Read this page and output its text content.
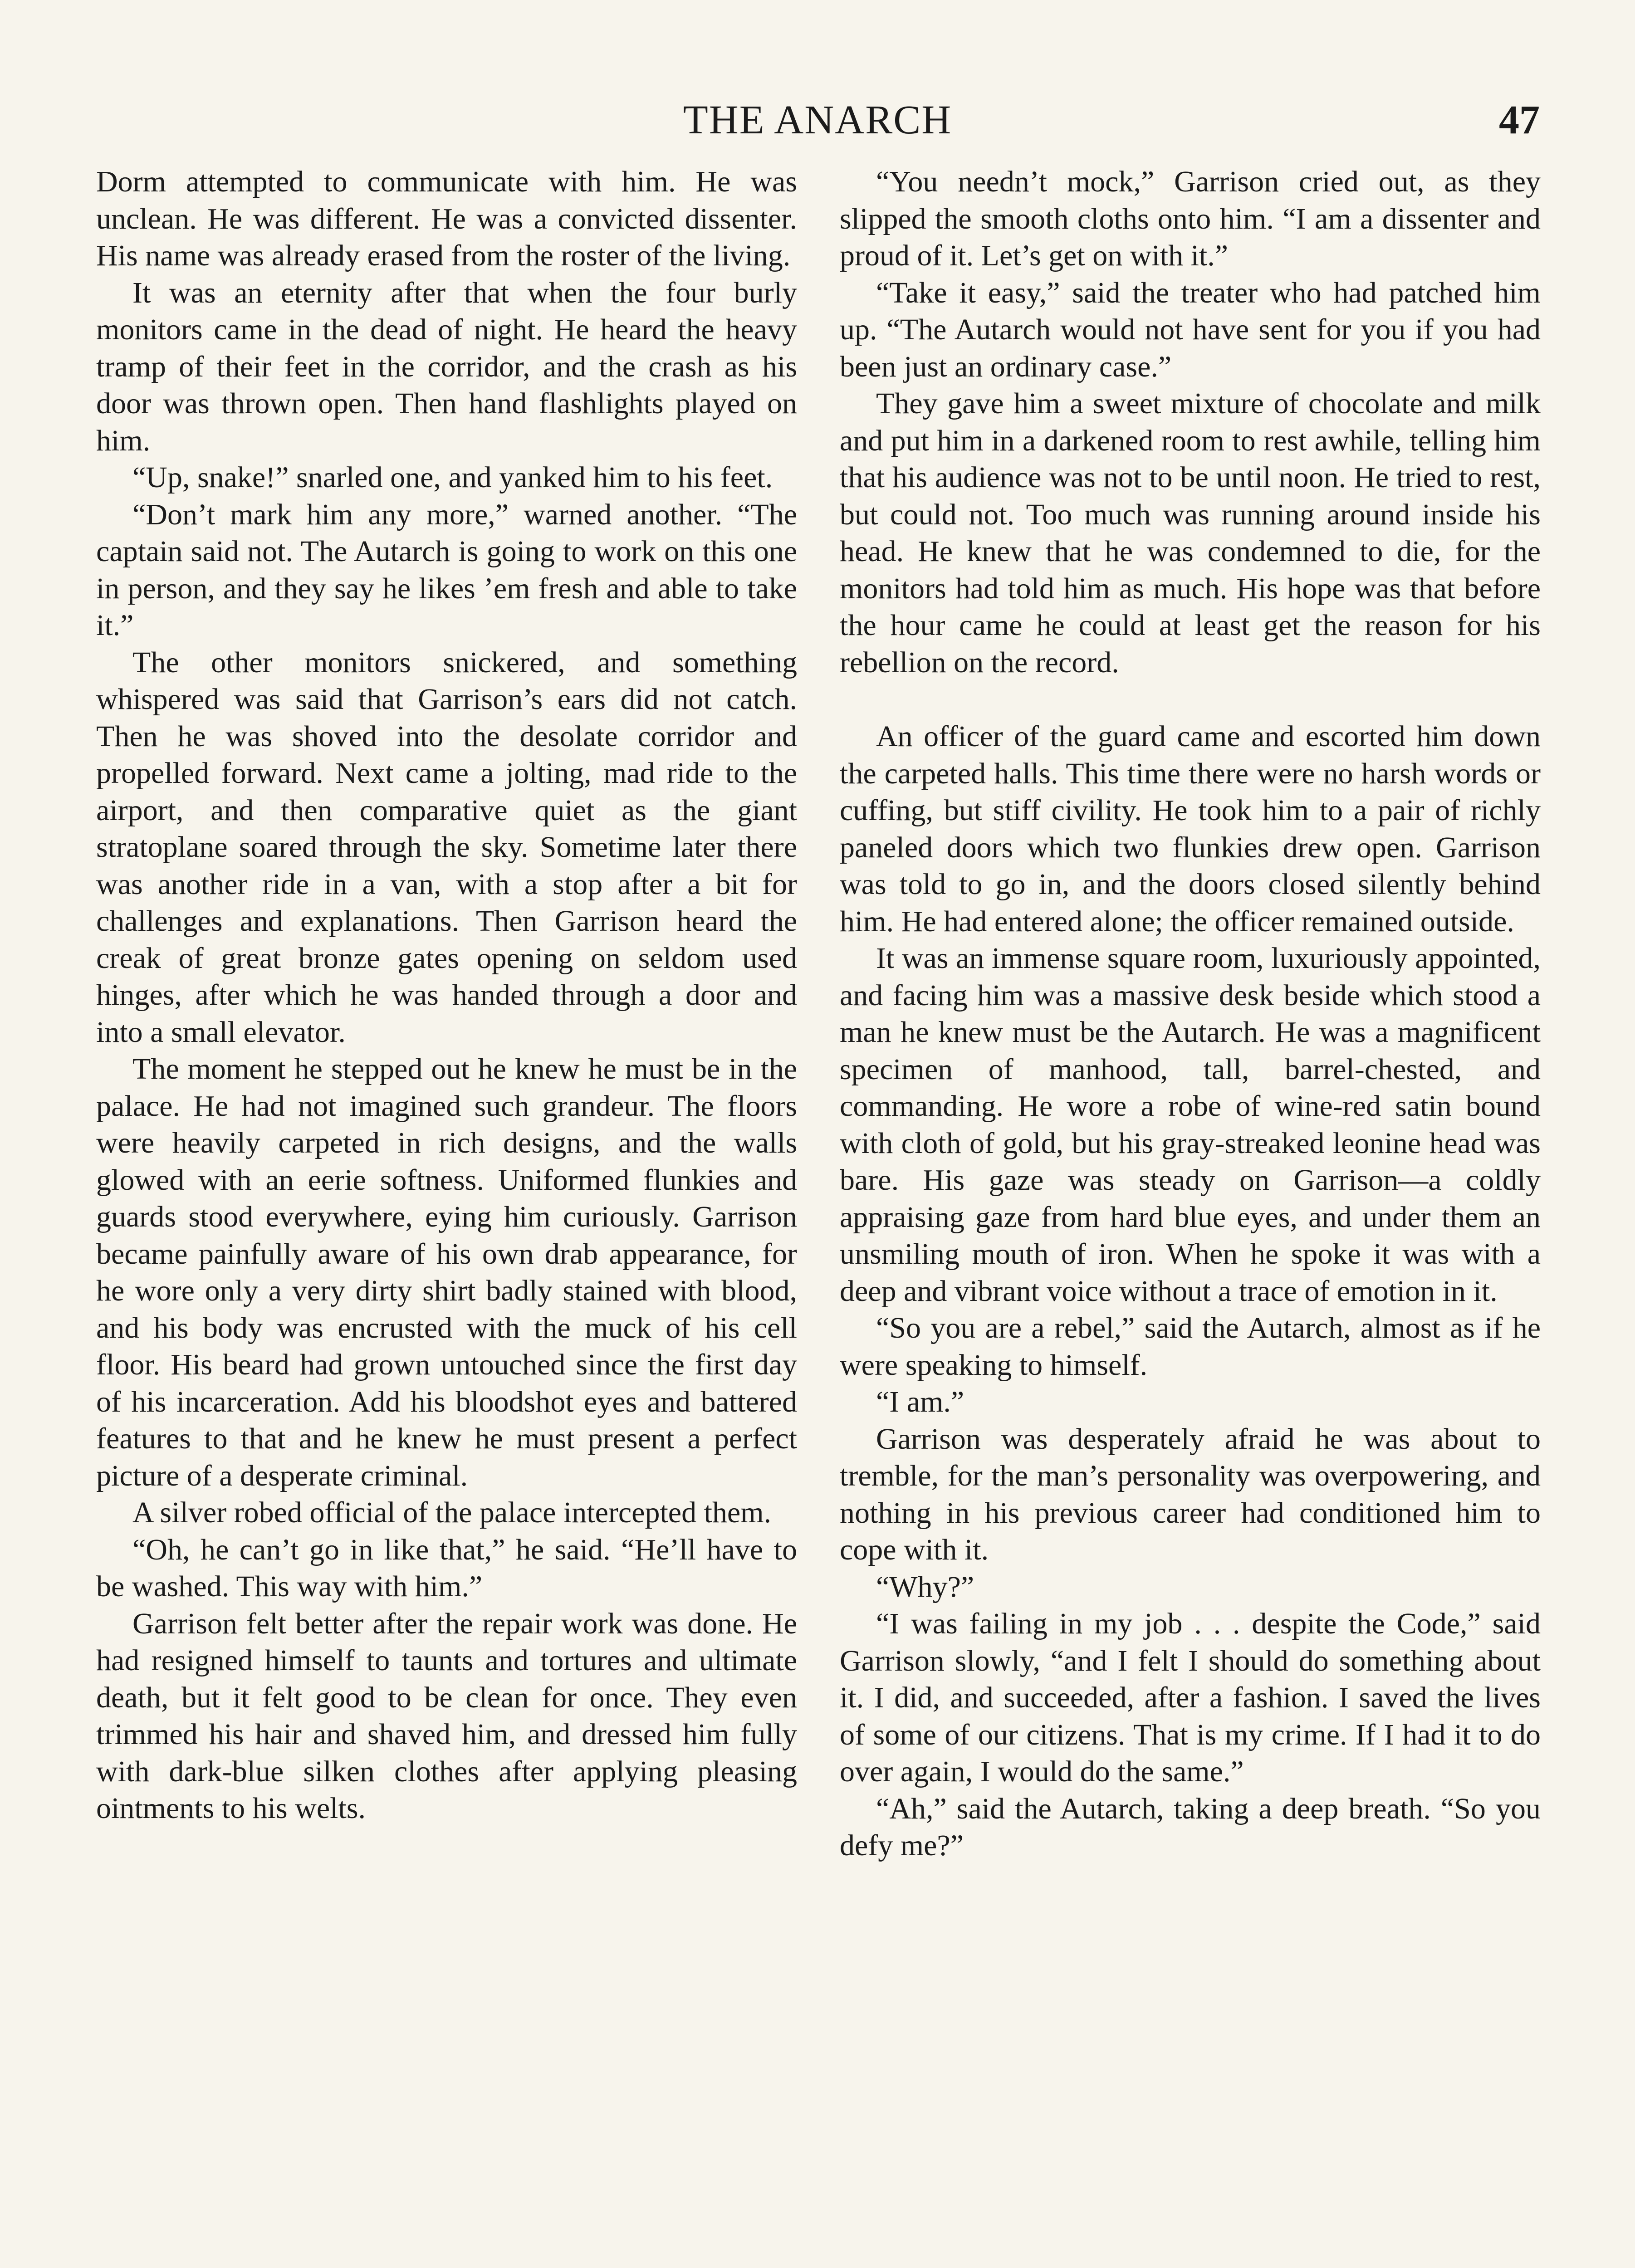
THE ANARCH	47

Dorm attempted to communicate with him. He was unclean. He was different. He was a convicted dissenter. His name was already erased from the roster of the living.

It was an eternity after that when the four burly monitors came in the dead of night. He heard the heavy tramp of their feet in the corridor, and the crash as his door was thrown open. Then hand flashlights played on him.

“Up, snake!” snarled one, and yanked him to his feet.

“Don’t mark him any more,” warned another. “The captain said not. The Autarch is going to work on this one in person, and they say he likes ’em fresh and able to take it.”

The other monitors snickered, and something whispered was said that Garrison’s ears did not catch. Then he was shoved into the desolate corridor and propelled forward. Next came a jolting, mad ride to the airport, and then comparative quiet as the giant stratoplane soared through the sky. Sometime later there was another ride in a van, with a stop after a bit for challenges and explanations. Then Garrison heard the creak of great bronze gates opening on seldom used hinges, after which he was handed through a door and into a small elevator.

The moment he stepped out he knew he must be in the palace. He had not imagined such grandeur. The floors were heavily carpeted in rich designs, and the walls glowed with an eerie softness. Uniformed flunkies and guards stood everywhere, eying him curiously. Garrison became painfully aware of his own drab appearance, for he wore only a very dirty shirt badly stained with blood, and his body was encrusted with the muck of his cell floor. His beard had grown untouched since the first day of his incarceration. Add his bloodshot eyes and battered features to that and he knew he must present a perfect picture of a desperate criminal.

A silver robed official of the palace intercepted them.

“Oh, he can’t go in like that,” he said. “He’ll have to be washed. This way with him.”

Garrison felt better after the repair work was done. He had resigned himself to taunts and tortures and ultimate death, but it felt good to be clean for once. They even trimmed his hair and shaved him, and dressed him fully with dark-blue silken clothes after applying pleasing ointments to his welts.

“You needn’t mock,” Garrison cried out, as they slipped the smooth cloths onto him. “I am a dissenter and proud of it. Let’s get on with it.”

“Take it easy,” said the treater who had patched him up. “The Autarch would not have sent for you if you had been just an ordinary case.”

They gave him a sweet mixture of chocolate and milk and put him in a darkened room to rest awhile, telling him that his audience was not to be until noon. He tried to rest, but could not. Too much was running around inside his head. He knew that he was condemned to die, for the monitors had told him as much. His hope was that before the hour came he could at least get the reason for his rebellion on the record.

An officer of the guard came and escorted him down the carpeted halls. This time there were no harsh words or cuffing, but stiff civility. He took him to a pair of richly paneled doors which two flunkies drew open. Garrison was told to go in, and the doors closed silently behind him. He had entered alone; the officer remained outside.

It was an immense square room, luxuriously appointed, and facing him was a massive desk beside which stood a man he knew must be the Autarch. He was a magnificent specimen of manhood, tall, barrel-chested, and commanding. He wore a robe of wine-red satin bound with cloth of gold, but his gray-streaked leonine head was bare. His gaze was steady on Garrison—a coldly appraising gaze from hard blue eyes, and under them an unsmiling mouth of iron. When he spoke it was with a deep and vibrant voice without a trace of emotion in it.

“So you are a rebel,” said the Autarch, almost as if he were speaking to himself.

“I am.”

Garrison was desperately afraid he was about to tremble, for the man’s personality was overpowering, and nothing in his previous career had conditioned him to cope with it.

“Why?”

“I was failing in my job . . . despite the Code,” said Garrison slowly, “and I felt I should do something about it. I did, and succeeded, after a fashion. I saved the lives of some of our citizens. That is my crime. If I had it to do over again, I would do the same.”

“Ah,” said the Autarch, taking a deep breath. “So you defy me?”
